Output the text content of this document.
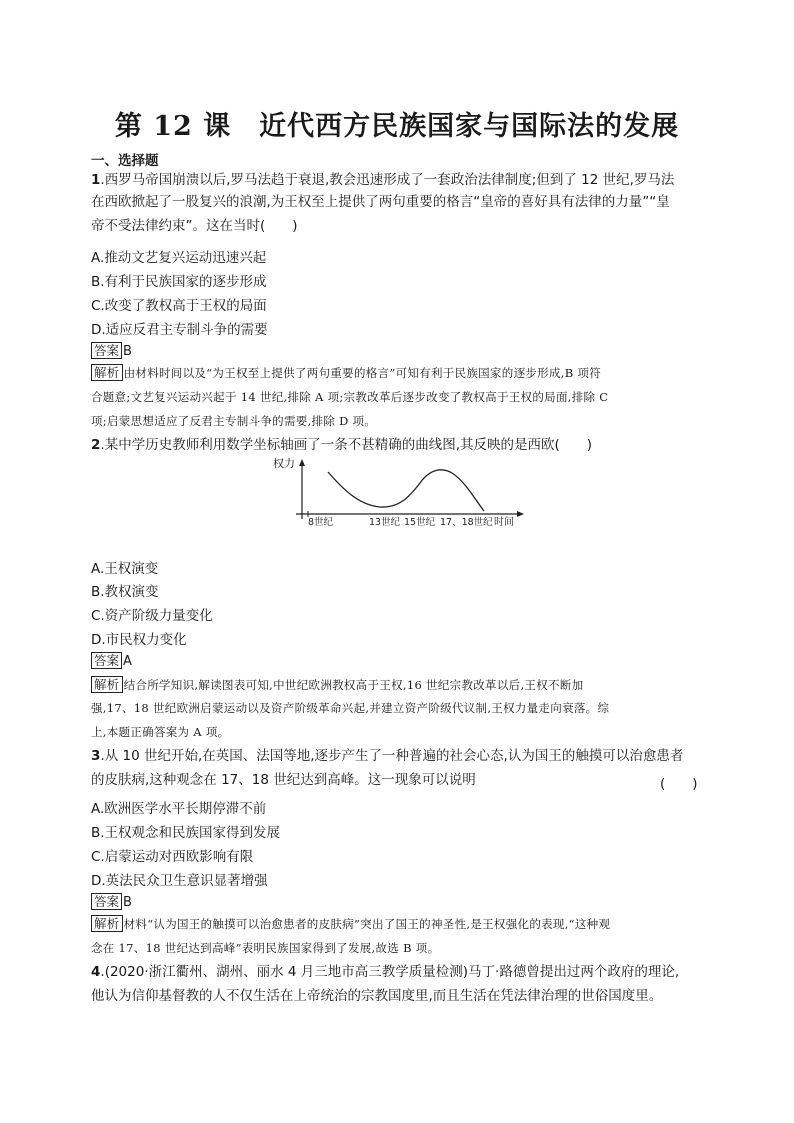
第 12 课　近代西方民族国家与国际法的发展
一、选择题
1.西罗马帝国崩溃以后,罗马法趋于衰退,教会迅速形成了一套政治法律制度;但到了 12 世纪,罗马法
在西欧掀起了一股复兴的浪潮,为王权至上提供了两句重要的格言“皇帝的喜好具有法律的力量”“皇
帝不受法律约束”。这在当时(　　)
A.推动文艺复兴运动迅速兴起
B.有利于民族国家的逐步形成
C.改变了教权高于王权的局面
D.适应反君主专制斗争的需要
答案 B
解析 由材料时间以及“为王权至上提供了两句重要的格言”可知有利于民族国家的逐步形成,B 项符
合题意;文艺复兴运动兴起于 14 世纪,排除 A 项;宗教改革后逐步改变了教权高于王权的局面,排除 C
项;启蒙思想适应了反君主专制斗争的需要,排除 D 项。
2.某中学历史教师利用数学坐标轴画了一条不甚精确的曲线图,其反映的是西欧(　　)
权力
8世纪	13世纪 15世纪 17、18世纪 时间
A.王权演变
B.教权演变
C.资产阶级力量变化
D.市民权力变化
答案 A
解析 结合所学知识,解读图表可知,中世纪欧洲教权高于王权,16 世纪宗教改革以后,王权不断加
强,17、18 世纪欧洲启蒙运动以及资产阶级革命兴起,并建立资产阶级代议制,王权力量走向衰落。综
上,本题正确答案为 A 项。
3.从 10 世纪开始,在英国、法国等地,逐步产生了一种普遍的社会心态,认为国王的触摸可以治愈患者
的皮肤病,这种观念在 17、18 世纪达到高峰。这一现象可以说明	(　　)
A.欧洲医学水平长期停滞不前
B.王权观念和民族国家得到发展
C.启蒙运动对西欧影响有限
D.英法民众卫生意识显著增强
答案 B
解析 材料“认为国王的触摸可以治愈患者的皮肤病”突出了国王的神圣性,是王权强化的表现,“这种观
念在 17、18 世纪达到高峰”表明民族国家得到了发展,故选 B 项。
4.(2020·浙江衢州、湖州、丽水 4 月三地市高三教学质量检测)马丁·路德曾提出过两个政府的理论,
他认为信仰基督教的人不仅生活在上帝统治的宗教国度里,而且生活在凭法律治理的世俗国度里。
